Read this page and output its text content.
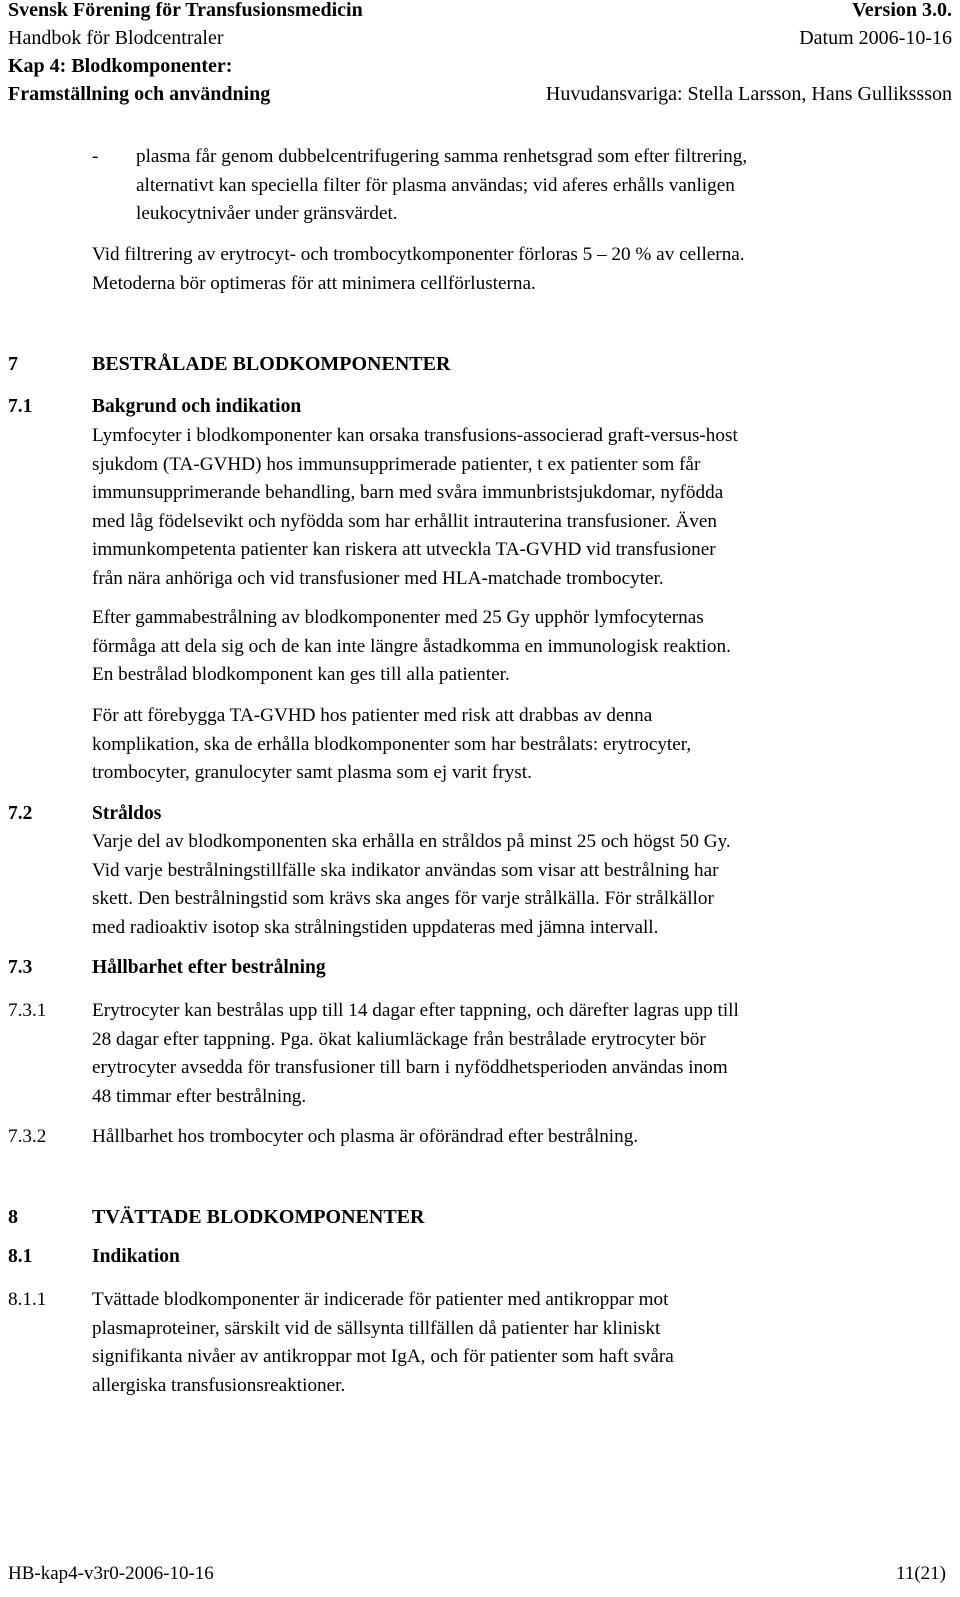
Svensk Förening för Transfusionsmedicin	Version 3.0.
Handbok för Blodcentraler	Datum 2006-10-16
Kap 4: Blodkomponenter:
Framställning och användning	Huvudansvariga: Stella Larsson, Hans Gullikssson
- plasma får genom dubbelcentrifugering samma renhetsgrad som efter filtrering,
alternativt kan speciella filter för plasma användas; vid aferes erhålls vanligen
leukocytnivåer under gränsvärdet.
Vid filtrering av erytrocyt- och trombocytkomponenter förloras 5 – 20 % av cellerna.
Metoderna bör optimeras för att minimera cellförlusterna.
7	BESTRÅLADE BLODKOMPONENTER
7.1	Bakgrund och indikation
Lymfocyter i blodkomponenter kan orsaka transfusions-associerad graft-versus-host
sjukdom (TA-GVHD) hos immunsupprimerade patienter, t ex patienter som får
immunsupprimerande behandling, barn med svåra immunbristsjukdomar, nyfödda
med låg födelsevikt och nyfödda som har erhållit intrauterina transfusioner. Även
immunkompetenta patienter kan riskera att utveckla TA-GVHD vid transfusioner
från nära anhöriga och vid transfusioner med HLA-matchade trombocyter.
Efter gammabestrålning av blodkomponenter med 25 Gy upphör lymfocyternas
förmåga att dela sig och de kan inte längre åstadkomma en immunologisk reaktion.
En bestrålad blodkomponent kan ges till alla patienter.
För att förebygga TA-GVHD hos patienter med risk att drabbas av denna
komplikation, ska de erhålla blodkomponenter som har bestrålats: erytrocyter,
trombocyter, granulocyter samt plasma som ej varit fryst.
7.2	Stråldos
Varje del av blodkomponenten ska erhålla en stråldos på minst 25 och högst 50 Gy.
Vid varje bestrålningstillfälle ska indikator användas som visar att bestrålning har
skett. Den bestrålningstid som krävs ska anges för varje strålkälla. För strålkällor
med radioaktiv isotop ska strålningstiden uppdateras med jämna intervall.
7.3	Hållbarhet efter bestrålning
7.3.1 Erytrocyter kan bestrålas upp till 14 dagar efter tappning, och därefter lagras upp till
28 dagar efter tappning. Pga. ökat kaliumläckage från bestrålade erytrocyter bör
erytrocyter avsedda för transfusioner till barn i nyföddhetsperioden användas inom
48 timmar efter bestrålning.
7.3.2 Hållbarhet hos trombocyter och plasma är oförändrad efter bestrålning.
8	TVÄTTADE BLODKOMPONENTER
8.1	Indikation
8.1.1 Tvättade blodkomponenter är indicerade för patienter med antikroppar mot
plasmaproteiner, särskilt vid de sällsynta tillfällen då patienter har kliniskt
signifikanta nivåer av antikroppar mot IgA, och för patienter som haft svåra
allergiska transfusionsreaktioner.
HB-kap4-v3r0-2006-10-16	11(21)
